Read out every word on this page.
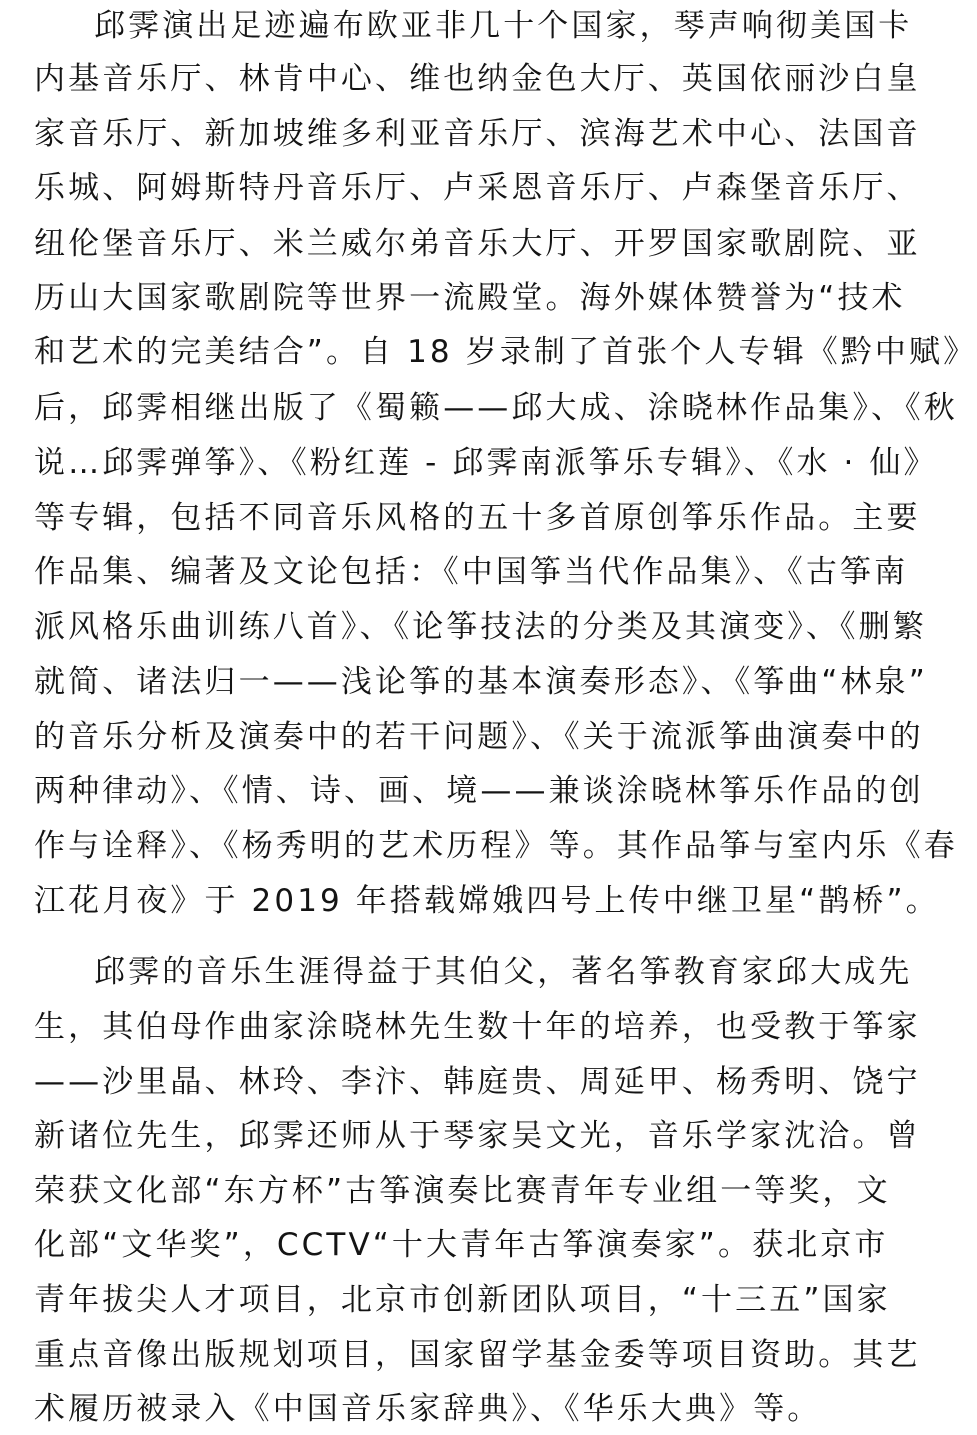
邱霁演出足迹遍布欧亚非几十个国家，琴声响彻美国卡
内基音乐厅、林肯中心、维也纳金色大厅、英国依丽沙白皇
家音乐厅、新加坡维多利亚音乐厅、滨海艺术中心、法国音
乐城、阿姆斯特丹音乐厅、卢采恩音乐厅、卢森堡音乐厅、
纽伦堡音乐厅、米兰威尔弟音乐大厅、开罗国家歌剧院、亚
历山大国家歌剧院等世界一流殿堂。海外媒体赞誉为“技术
和艺术的完美结合”。自 18 岁录制了首张个人专辑《黔中赋》
后，邱霁相继出版了《蜀籁——邱大成、涂晓林作品集》、《秋
说…邱霁弹筝》、《粉红莲 - 邱霁南派筝乐专辑》、《水 · 仙》
等专辑，包括不同音乐风格的五十多首原创筝乐作品。主要
作品集、编著及文论包括：《中国筝当代作品集》、《古筝南
派风格乐曲训练八首》、《论筝技法的分类及其演变》、《删繁
就简、诸法归一——浅论筝的基本演奏形态》、《筝曲“林泉”
的音乐分析及演奏中的若干问题》、《关于流派筝曲演奏中的
两种律动》、《情、诗、画、境——兼谈涂晓林筝乐作品的创
作与诠释》、《杨秀明的艺术历程》等。其作品筝与室内乐《春
江花月夜》于 2019 年搭载嫦娥四号上传中继卫星“鹊桥”。
邱霁的音乐生涯得益于其伯父，著名筝教育家邱大成先
生，其伯母作曲家涂晓林先生数十年的培养，也受教于筝家
——沙里晶、林玲、李汴、韩庭贵、周延甲、杨秀明、饶宁
新诸位先生，邱霁还师从于琴家吴文光，音乐学家沈洽。曾
荣获文化部“东方杯”古筝演奏比赛青年专业组一等奖，文
化部“文华奖”，CCTV“十大青年古筝演奏家”。获北京市
青年拔尖人才项目，北京市创新团队项目，“十三五”国家
重点音像出版规划项目，国家留学基金委等项目资助。其艺
术履历被录入《中国音乐家辞典》、《华乐大典》等。
